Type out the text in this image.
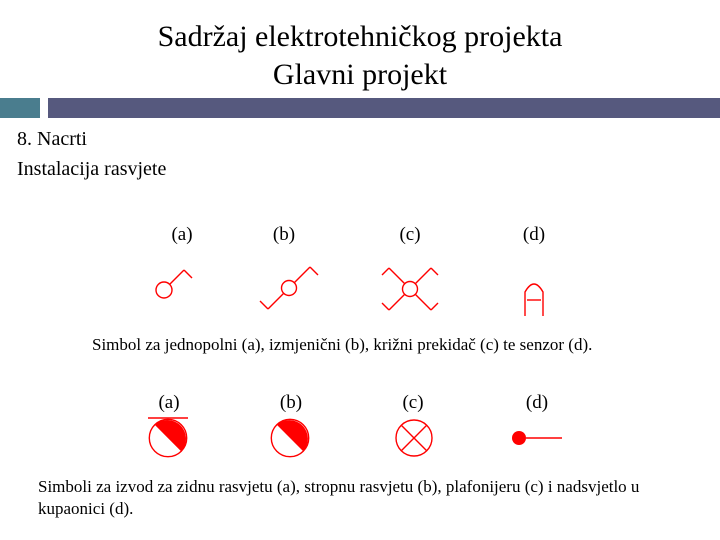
Sadržaj elektrotehničkog projekta
Glavni projekt
8. Nacrti
Instalacija rasvjete
(a)	(b)	(c)	(d)
Simbol za jednopolni (a), izmjenični (b), križni prekidač (c) te senzor (d).
(a)	(b)	(c)	(d)
Simboli za izvod za zidnu rasvjetu (a), stropnu rasvjetu (b), plafonijeru (c) i nadsvjetlo u
kupaonici (d).
